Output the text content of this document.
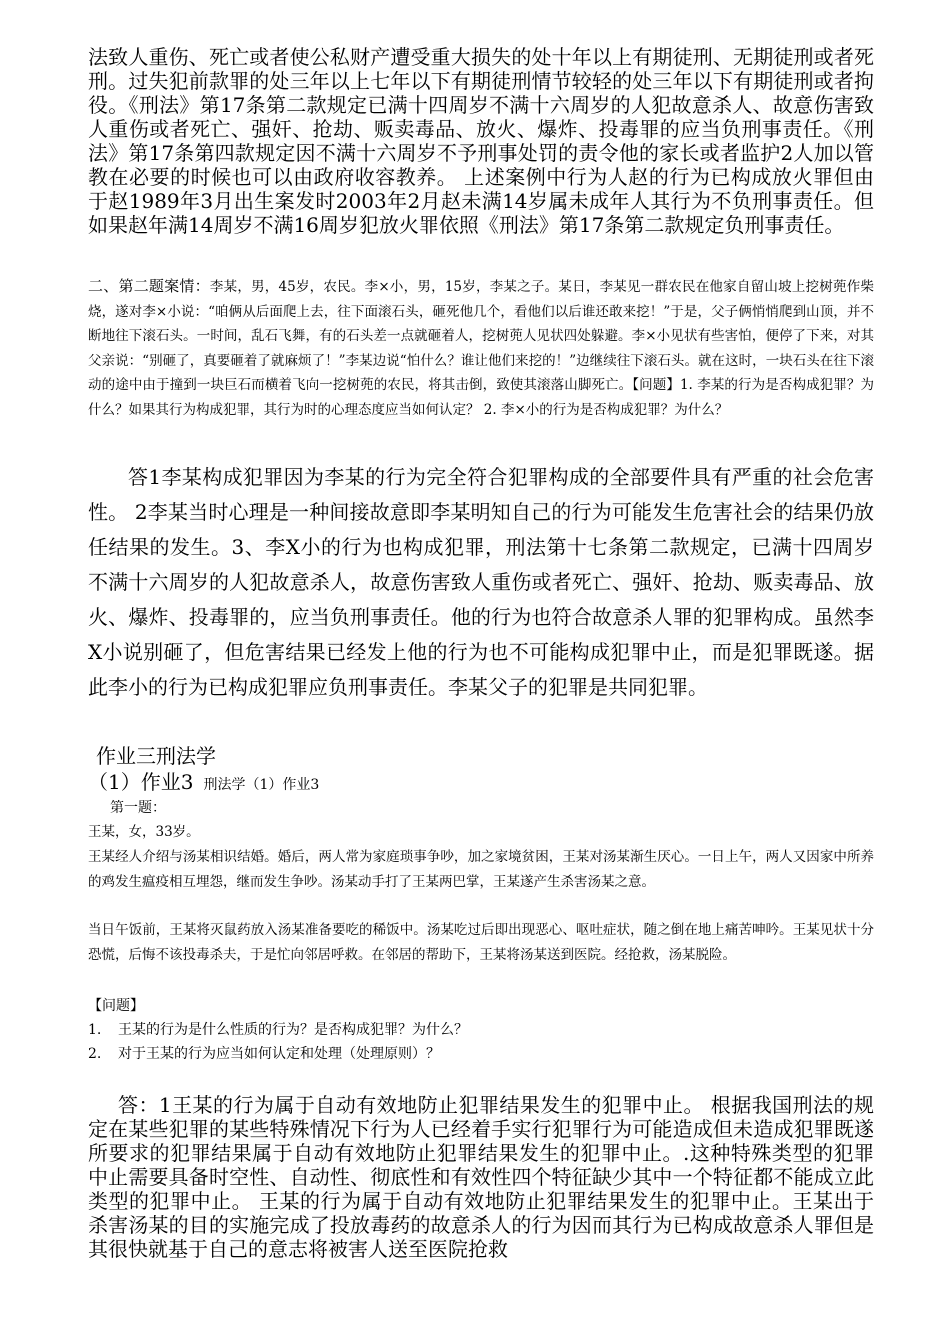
法致人重伤、死亡或者使公私财产遭受重大损失的处十年以上有期徒刑、无期徒刑或者死刑。过失犯前款罪的处三年以上七年以下有期徒刑情节较轻的处三年以下有期徒刑或者拘役。《刑法》第17条第二款规定已满十四周岁不满十六周岁的人犯故意杀人、故意伤害致人重伤或者死亡、强奸、抢劫、贩卖毒品、放火、爆炸、投毒罪的应当负刑事责任。《刑法》第17条第四款规定因不满十六周岁不予刑事处罚的责令他的家长或者监护2人加以管教在必要的时候也可以由政府收容教养。 上述案例中行为人赵的行为已构成放火罪但由于赵1989年3月出生案发时2003年2月赵未满14岁属未成年人其行为不负刑事责任。但如果赵年满14周岁不满16周岁犯放火罪依照《刑法》第17条第二款规定负刑事责任。

二、第二题案情：李某，男，45岁，农民。李×小，男，15岁，李某之子。某日，李某见一群农民在他家自留山坡上挖树蔸作柴烧，遂对李×小说：“咱俩从后面爬上去，往下面滚石头，砸死他几个，看他们以后谁还敢来挖！”于是，父子俩悄悄爬到山顶，并不断地往下滚石头。一时间，乱石飞舞，有的石头差一点就砸着人，挖树蔸人见状四处躲避。李×小见状有些害怕，便停了下来，对其父亲说：“别砸了，真要砸着了就麻烦了！”李某边说“怕什么？谁让他们来挖的！”边继续往下滚石头。就在这时，一块石头在往下滚动的途中由于撞到一块巨石而横着飞向一挖树蔸的农民，将其击倒，致使其滚落山脚死亡。【问题】1. 李某的行为是否构成犯罪？为什么？如果其行为构成犯罪，其行为时的心理态度应当如何认定？ 2. 李×小的行为是否构成犯罪？为什么？

答1李某构成犯罪因为李某的行为完全符合犯罪构成的全部要件具有严重的社会危害性。 2李某当时心理是一种间接故意即李某明知自己的行为可能发生危害社会的结果仍放任结果的发生。3、李X小的行为也构成犯罪，刑法第十七条第二款规定，已满十四周岁不满十六周岁的人犯故意杀人，故意伤害致人重伤或者死亡、强奸、抢劫、贩卖毒品、放火、爆炸、投毒罪的，应当负刑事责任。他的行为也符合故意杀人罪的犯罪构成。虽然李X小说别砸了，但危害结果已经发上他的行为也不可能构成犯罪中止，而是犯罪既遂。据此李小的行为已构成犯罪应负刑事责任。李某父子的犯罪是共同犯罪。

作业三刑法学
（1）作业3 刑法学（1）作业3
第一题：

王某，女，33岁。

王某经人介绍与汤某相识结婚。婚后，两人常为家庭琐事争吵，加之家境贫困，王某对汤某渐生厌心。一日上午，两人又因家中所养的鸡发生瘟疫相互埋怨，继而发生争吵。汤某动手打了王某两巴掌，王某遂产生杀害汤某之意。

当日午饭前，王某将灭鼠药放入汤某准备要吃的稀饭中。汤某吃过后即出现恶心、呕吐症状，随之倒在地上痛苦呻吟。王某见状十分恐慌，后悔不该投毒杀夫，于是忙向邻居呼救。在邻居的帮助下，王某将汤某送到医院。经抢救，汤某脱险。

【问题】
1. 王某的行为是什么性质的行为？是否构成犯罪？为什么？
2. 对于王某的行为应当如何认定和处理（处理原则）？

答：1王某的行为属于自动有效地防止犯罪结果发生的犯罪中止。 根据我国刑法的规定在某些犯罪的某些特殊情况下行为人已经着手实行犯罪行为可能造成但未造成犯罪既遂所要求的犯罪结果属于自动有效地防止犯罪结果发生的犯罪中止。.这种特殊类型的犯罪中止需要具备时空性、自动性、彻底性和有效性四个特征缺少其中一个特征都不能成立此类型的犯罪中止。 王某的行为属于自动有效地防止犯罪结果发生的犯罪中止。王某出于杀害汤某的目的实施完成了投放毒药的故意杀人的行为因而其行为已构成故意杀人罪但是其很快就基于自己的意志将被害人送至医院抢救
